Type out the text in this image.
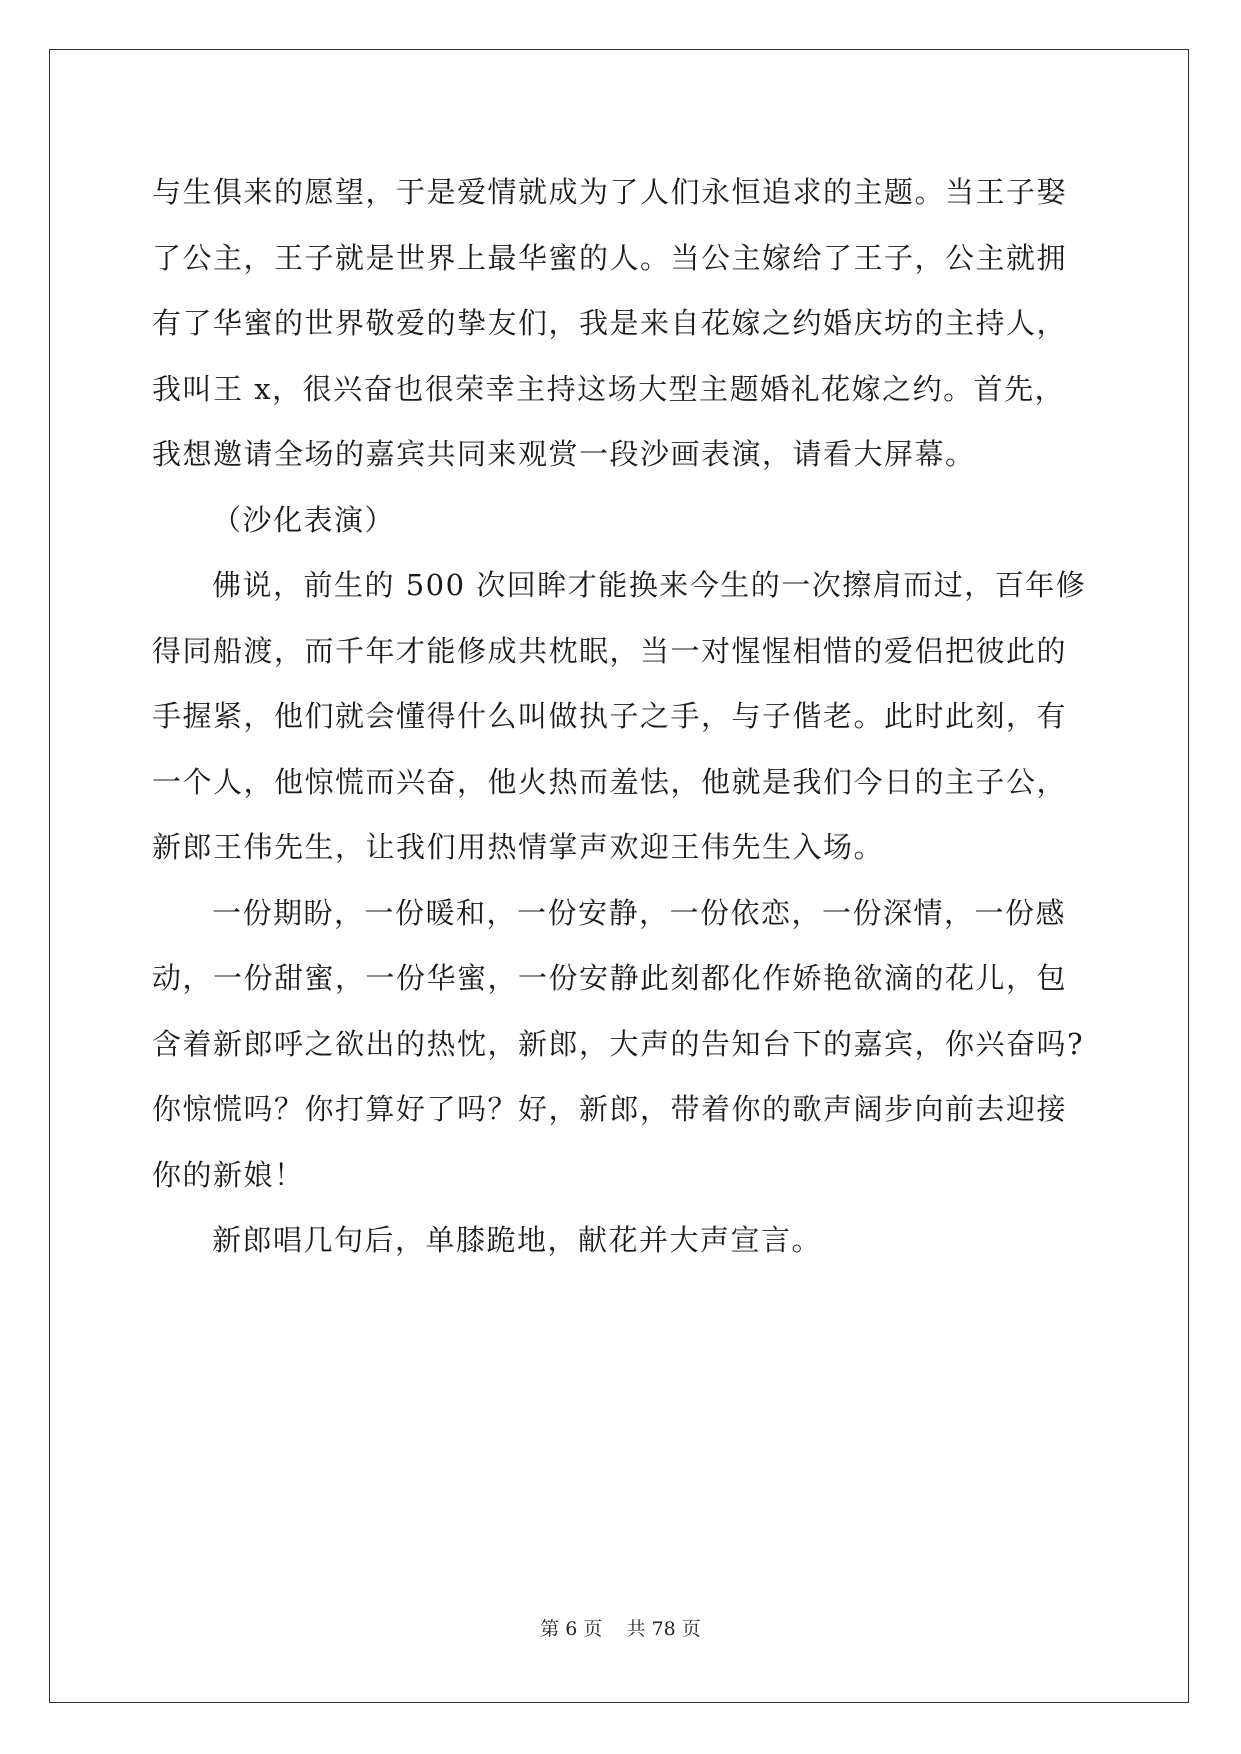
与生俱来的愿望，于是爱情就成为了人们永恒追求的主题。当王子娶
了公主，王子就是世界上最华蜜的人。当公主嫁给了王子，公主就拥
有了华蜜的世界敬爱的挚友们，我是来自花嫁之约婚庆坊的主持人，
我叫王 x，很兴奋也很荣幸主持这场大型主题婚礼花嫁之约。首先，
我想邀请全场的嘉宾共同来观赏一段沙画表演，请看大屏幕。
（沙化表演）
佛说，前生的 500 次回眸才能换来今生的一次擦肩而过，百年修
得同船渡，而千年才能修成共枕眠，当一对惺惺相惜的爱侣把彼此的
手握紧，他们就会懂得什么叫做执子之手，与子偕老。此时此刻，有
一个人，他惊慌而兴奋，他火热而羞怯，他就是我们今日的主子公，
新郎王伟先生，让我们用热情掌声欢迎王伟先生入场。
一份期盼，一份暖和，一份安静，一份依恋，一份深情，一份感
动，一份甜蜜，一份华蜜，一份安静此刻都化作娇艳欲滴的花儿，包
含着新郎呼之欲出的热忱，新郎，大声的告知台下的嘉宾，你兴奋吗?
你惊慌吗？你打算好了吗？好，新郎，带着你的歌声阔步向前去迎接
你的新娘！
新郎唱几句后，单膝跪地，献花并大声宣言。
第 6 页 共 78 页
